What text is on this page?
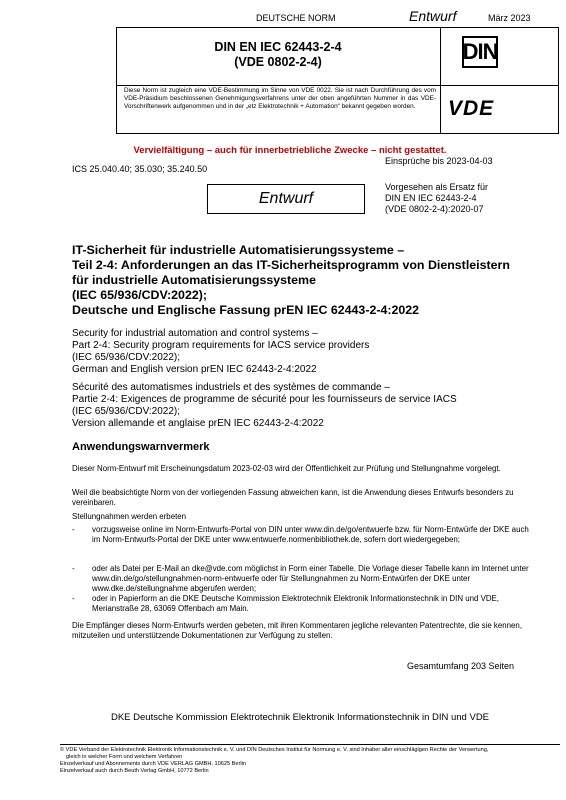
DEUTSCHE NORM	Entwurf	März 2023
DIN EN IEC 62443-2-4
(VDE 0802-2-4)	DIN
Diese Norm ist zugleich eine VDE-Bestimmung im Sinne von VDE 0022. Sie ist nach Durchführung des vom VDE-Präsidium beschlossenen Genehmigungsverfahrens unter der oben angeführten Nummer in das VDE-Vorschriftenwerk aufgenommen und in der „etz Elektrotechnik + Automation“ bekannt gegeben worden.	VDE
Vervielfältigung – auch für innerbetriebliche Zwecke – nicht gestattet.
Einsprüche bis 2023-04-03
ICS 25.040.40; 35.030; 35.240.50
Entwurf
Vorgesehen als Ersatz für
DIN EN IEC 62443-2-4
(VDE 0802-2-4):2020-07
IT-Sicherheit für industrielle Automatisierungssysteme –
Teil 2-4: Anforderungen an das IT-Sicherheitsprogramm von Dienstleistern
für industrielle Automatisierungssysteme
(IEC 65/936/CDV:2022);
Deutsche und Englische Fassung prEN IEC 62443-2-4:2022
Security for industrial automation and control systems –
Part 2-4: Security program requirements for IACS service providers
(IEC 65/936/CDV:2022);
German and English version prEN IEC 62443-2-4:2022
Sécurité des automatismes industriels et des systèmes de commande –
Partie 2-4: Exigences de programme de sécurité pour les fournisseurs de service IACS
(IEC 65/936/CDV:2022);
Version allemande et anglaise prEN IEC 62443-2-4:2022
Anwendungswarnvermerk
Dieser Norm-Entwurf mit Erscheinungsdatum 2023-02-03 wird der Öffentlichkeit zur Prüfung und Stellungnahme vorgelegt.
Weil die beabsichtigte Norm von der vorliegenden Fassung abweichen kann, ist die Anwendung dieses Entwurfs besonders zu vereinbaren.
Stellungnahmen werden erbeten
- vorzugsweise online im Norm-Entwurfs-Portal von DIN unter www.din.de/go/entwuerfe bzw. für Norm-Entwürfe der DKE auch im Norm-Entwurfs-Portal der DKE unter www.entwuerfe.normenbibliothek.de, sofern dort wiedergegeben;
- oder als Datei per E-Mail an dke@vde.com möglichst in Form einer Tabelle. Die Vorlage dieser Tabelle kann im Internet unter www.din.de/go/stellungnahmen-norm-entwuerfe oder für Stellungnahmen zu Norm-Entwürfen der DKE unter www.dke.de/stellungnahme abgerufen werden;
- oder in Papierform an die DKE Deutsche Kommission Elektrotechnik Elektronik Informationstechnik in DIN und VDE, Merianstraße 28, 63069 Offenbach am Main.
Die Empfänger dieses Norm-Entwurfs werden gebeten, mit ihren Kommentaren jegliche relevanten Patentrechte, die sie kennen, mitzuteilen und unterstützende Dokumentationen zur Verfügung zu stellen.
Gesamtumfang 203 Seiten
DKE Deutsche Kommission Elektrotechnik Elektronik Informationstechnik in DIN und VDE
© VDE Verband der Elektrotechnik Elektronik Informationstechnik e. V. und DIN Deutsches Institut für Normung e. V. sind Inhaber aller einschlägigen Rechte der Verwertung,
gleich in welcher Form und welchem Verfahren
Einzelverkauf und Abonnements durch VDE VERLAG GMBH, 10625 Berlin
Einzelverkauf auch durch Beuth Verlag GmbH, 10772 Berlin
